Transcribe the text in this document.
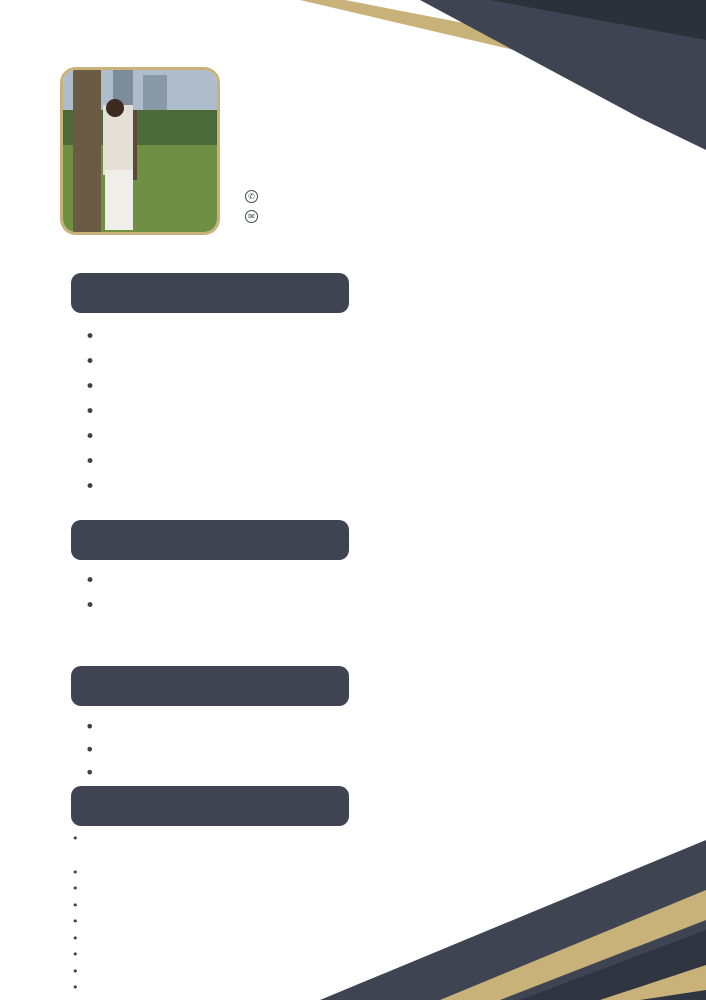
✆
✉
